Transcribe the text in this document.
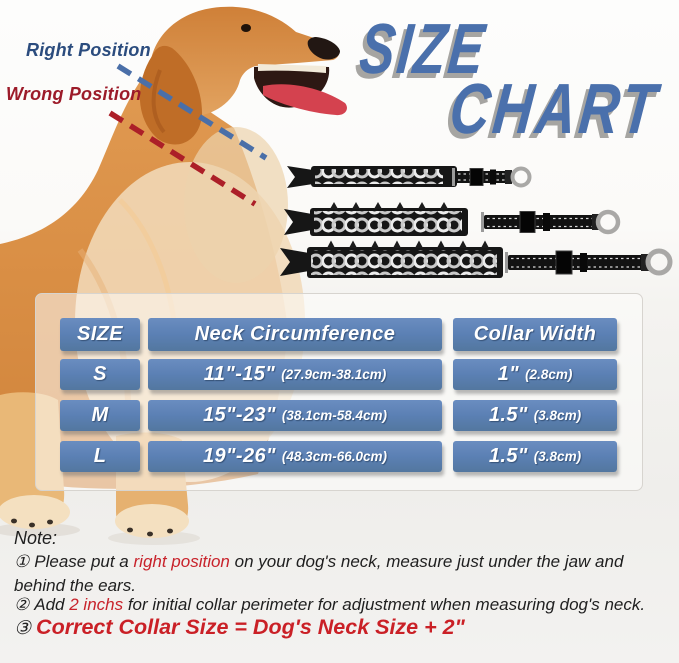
Right Position
Wrong Position
SIZE
CHART
SIZE	Neck Circumference	Collar Width
S	11"-15" (27.9cm-38.1cm)	1" (2.8cm)
M	15"-23" (38.1cm-58.4cm)	1.5" (3.8cm)
L	19"-26" (48.3cm-66.0cm)	1.5" (3.8cm)
Note:
① Please put a right position on your dog's neck, measure just under the jaw and behind the ears.
② Add 2 inchs for initial collar perimeter for adjustment when measuring dog's neck.
③ Correct Collar Size = Dog's Neck Size + 2"
